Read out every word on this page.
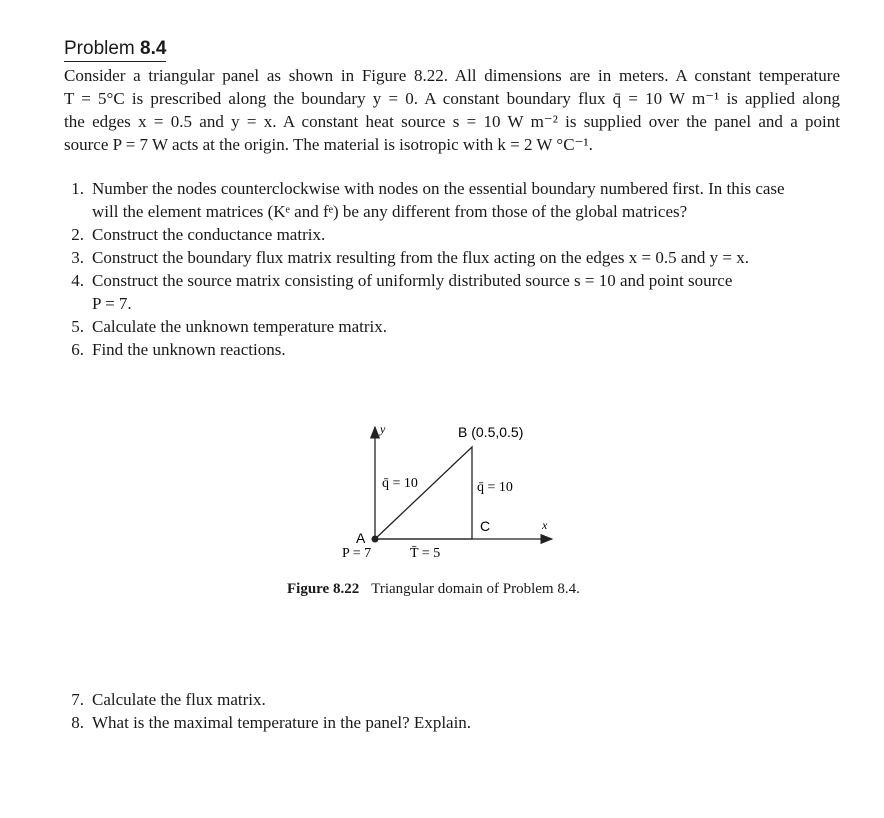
Problem 8.4
Consider a triangular panel as shown in Figure 8.22. All dimensions are in meters. A constant temperature
T = 5°C is prescribed along the boundary y = 0. A constant boundary flux q̄ = 10 W m⁻¹ is applied along
the edges x = 0.5 and y = x. A constant heat source s = 10 W m⁻² is supplied over the panel and a point
source P = 7 W acts at the origin. The material is isotropic with k = 2 W °C⁻¹.
1. Number the nodes counterclockwise with nodes on the essential boundary numbered first. In this case
will the element matrices (Kᵉ and fᵉ) be any different from those of the global matrices?
2. Construct the conductance matrix.
3. Construct the boundary flux matrix resulting from the flux acting on the edges x = 0.5 and y = x.
4. Construct the source matrix consisting of uniformly distributed source s = 10 and point source
P = 7.
5. Calculate the unknown temperature matrix.
6. Find the unknown reactions.
y
x
B (0.5,0.5)
A
C
q̄ = 10	q̄ = 10
P = 7	T̄ = 5
Figure 8.22 Triangular domain of Problem 8.4.
7. Calculate the flux matrix.
8. What is the maximal temperature in the panel? Explain.
